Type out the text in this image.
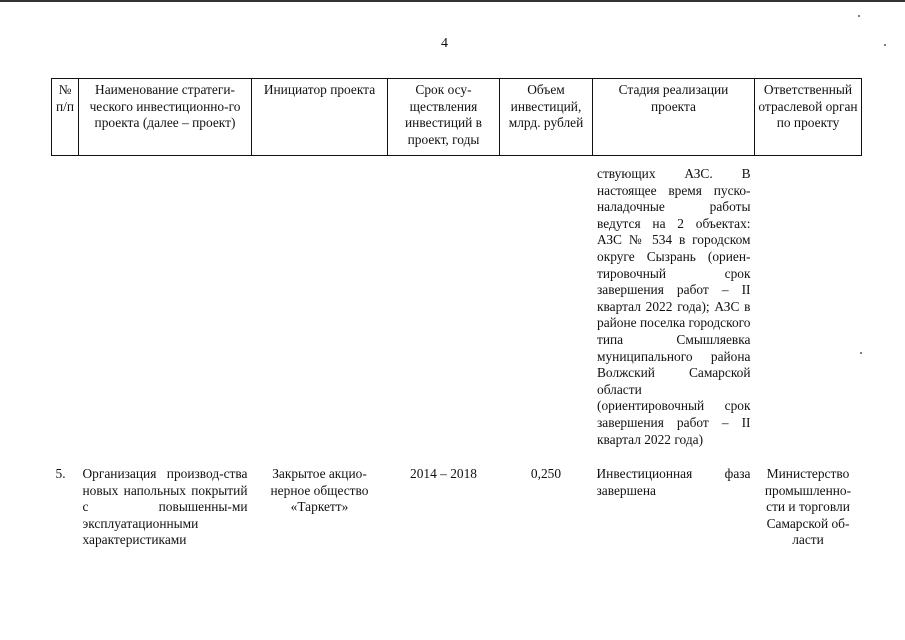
4
№ п/п	Наименование стратеги-ческого инвестиционно-го проекта (далее – проект)	Инициатор проекта	Срок осу-ществления инвестиций в проект, годы	Объем инвестиций, млрд. рублей	Стадия реализации проекта	Ответственный отраслевой орган по проекту
					ствующих АЗС. В настоящее время пуско-наладочные работы ведутся на 2 объектах: АЗС № 534 в городском округе Сызрань (ориен-тировочный срок завершения работ – II квартал 2022 года); АЗС в районе поселка городского типа Смышляевка муниципального района Волжский Самарской области (ориентировочный срок завершения работ – II квартал 2022 года)	
5.	Организация производ-ства новых напольных покрытий с повышенны-ми эксплуатационными характеристиками	Закрытое акцио-нерное общество «Таркетт»	2014 – 2018	0,250	Инвестиционная фаза завершена	Министерство промышленно-сти и торговли Самарской об-ласти
